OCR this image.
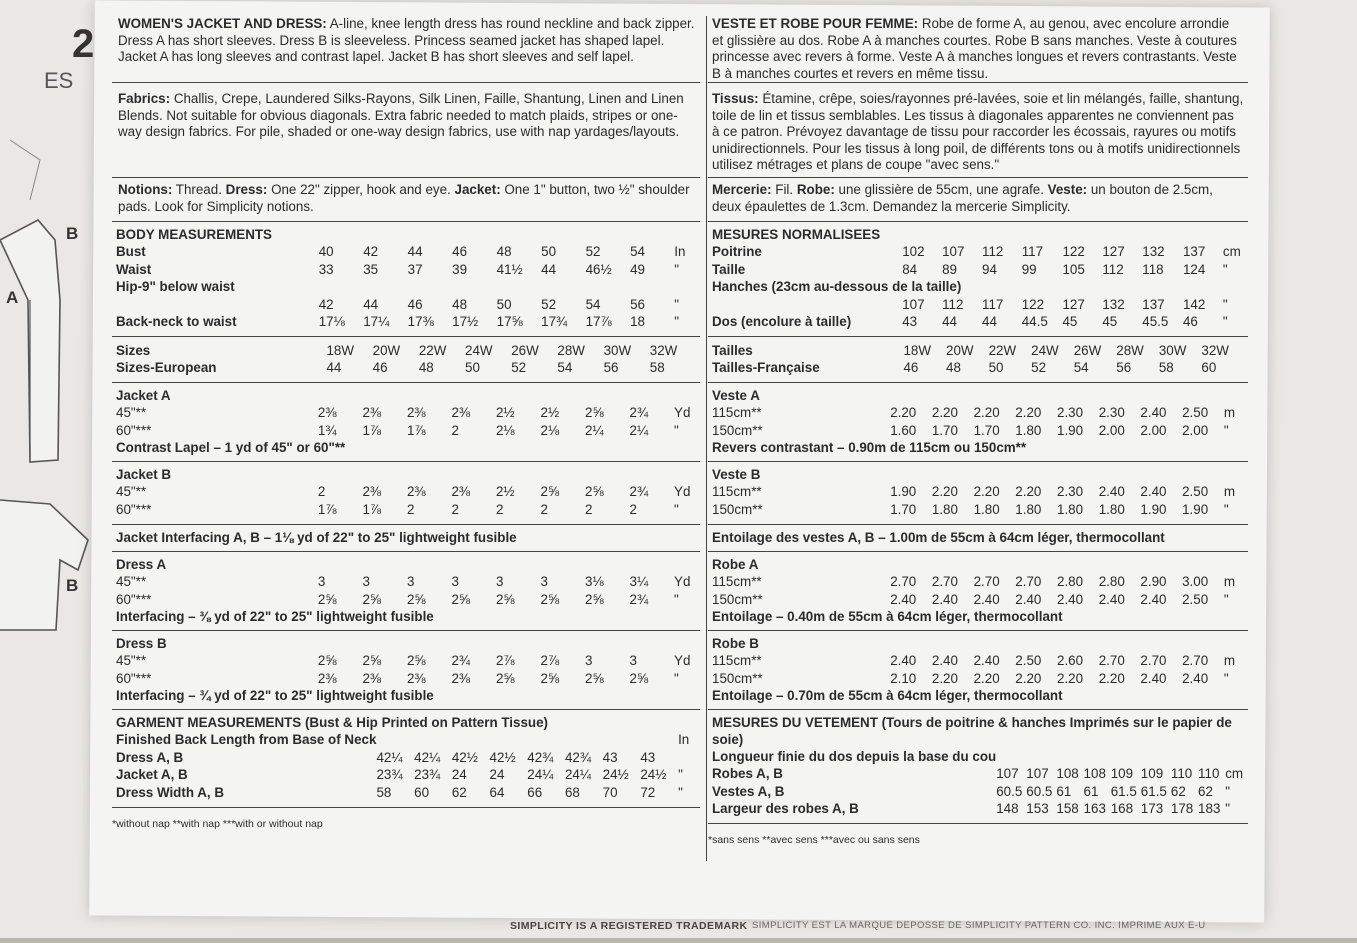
B
A
B
2
ES
WOMEN'S JACKET AND DRESS: A-line, knee length dress has round neckline and back zipper. Dress A has short sleeves. Dress B is sleeveless. Princess seamed jacket has shaped lapel. Jacket A has long sleeves and contrast lapel. Jacket B has short sleeves and self lapel.
Fabrics: Challis, Crepe, Laundered Silks-Rayons, Silk Linen, Faille, Shantung, Linen and Linen Blends. Not suitable for obvious diagonals. Extra fabric needed to match plaids, stripes or one-way design fabrics. For pile, shaded or one-way design fabrics, use with nap yardages/layouts.
Notions: Thread. Dress: One 22" zipper, hook and eye. Jacket: One 1" button, two ½" shoulder pads. Look for Simplicity notions.
BODY MEASUREMENTS
Bust	40	42	44	46	48	50	52	54	In
Waist	33	35	37	39	41½	44	46½	49	"
Hip-9" below waist									
	42	44	46	48	50	52	54	56	"
Back-neck to waist	17⅛	17¼	17⅜	17½	17⅝	17¾	17⅞	18	"
Sizes	18W	20W	22W	24W	26W	28W	30W	32W
Sizes-European	44	46	48	50	52	54	56	58
Jacket A
45"**	2⅜	2⅜	2⅜	2⅜	2½	2½	2⅝	2¾	Yd
60"***	1¾	1⅞	1⅞	2	2⅛	2⅛	2¼	2¼	"
Contrast Lapel – 1 yd of 45" or 60"**
Jacket B
45"**	2	2⅜	2⅜	2⅜	2½	2⅝	2⅝	2¾	Yd
60"***	1⅞	1⅞	2	2	2	2	2	2	"
Jacket Interfacing A, B – 1⅛ yd of 22" to 25" lightweight fusible
Dress A
45"**	3	3	3	3	3	3	3⅛	3¼	Yd
60"***	2⅝	2⅝	2⅝	2⅝	2⅝	2⅝	2⅝	2¾	"
Interfacing – ⅜ yd of 22" to 25" lightweight fusible
Dress B
45"**	2⅝	2⅝	2⅝	2¾	2⅞	2⅞	3	3	Yd
60"***	2⅜	2⅜	2⅜	2⅜	2⅝	2⅝	2⅝	2⅝	"
Interfacing – ¾ yd of 22" to 25" lightweight fusible
GARMENT MEASUREMENTS (Bust & Hip Printed on Pattern Tissue)
Finished Back Length from Base of Neck									In
Dress A, B	42¼	42¼	42½	42½	42¾	42¾	43	43	
Jacket A, B	23¾	23¾	24	24	24¼	24¼	24½	24½	"
Dress Width A, B	58	60	62	64	66	68	70	72	"
*without nap **with nap ***with or without nap
VESTE ET ROBE POUR FEMME: Robe de forme A, au genou, avec encolure arrondie et glissière au dos. Robe A à manches courtes. Robe B sans manches. Veste à coutures princesse avec revers à forme. Veste A à manches longues et revers contrastants. Veste B à manches courtes et revers en même tissu.
Tissus: Étamine, crêpe, soies/rayonnes pré-lavées, soie et lin mélangés, faille, shantung, toile de lin et tissus semblables. Les tissus à diagonales apparentes ne conviennent pas à ce patron. Prévoyez davantage de tissu pour raccorder les écossais, rayures ou motifs unidirectionnels. Pour les tissus à long poil, de différents tons ou à motifs unidirectionnels utilisez métrages et plans de coupe "avec sens."
Mercerie: Fil. Robe: une glissière de 55cm, une agrafe. Veste: un bouton de 2.5cm, deux épaulettes de 1.3cm. Demandez la mercerie Simplicity.
MESURES NORMALISEES
Poitrine	102	107	112	117	122	127	132	137	cm
Taille	84	89	94	99	105	112	118	124	"
Hanches (23cm au-dessous de la taille)									
	107	112	117	122	127	132	137	142	"
Dos (encolure à taille)	43	44	44	44.5	45	45	45.5	46	"
Tailles	18W	20W	22W	24W	26W	28W	30W	32W
Tailles-Française	46	48	50	52	54	56	58	60
Veste A
115cm**	2.20	2.20	2.20	2.20	2.30	2.30	2.40	2.50	m
150cm**	1.60	1.70	1.70	1.80	1.90	2.00	2.00	2.00	"
Revers contrastant – 0.90m de 115cm ou 150cm**
Veste B
115cm**	1.90	2.20	2.20	2.20	2.30	2.40	2.40	2.50	m
150cm**	1.70	1.80	1.80	1.80	1.80	1.80	1.90	1.90	"
Entoilage des vestes A, B – 1.00m de 55cm à 64cm léger, thermocollant
Robe A
115cm**	2.70	2.70	2.70	2.70	2.80	2.80	2.90	3.00	m
150cm**	2.40	2.40	2.40	2.40	2.40	2.40	2.40	2.50	"
Entoilage – 0.40m de 55cm à 64cm léger, thermocollant
Robe B
115cm**	2.40	2.40	2.40	2.50	2.60	2.70	2.70	2.70	m
150cm**	2.10	2.20	2.20	2.20	2.20	2.20	2.40	2.40	"
Entoilage – 0.70m de 55cm à 64cm léger, thermocollant
MESURES DU VETEMENT (Tours de poitrine & hanches Imprimés sur le papier de soie)
Longueur finie du dos depuis la base du cou									
Robes A, B	107	107	108	108	109	109	110	110	cm
Vestes A, B	60.5	60.5	61	61	61.5	61.5	62	62	"
Largeur des robes A, B	148	153	158	163	168	173	178	183	"
*sans sens **avec sens ***avec ou sans sens
SIMPLICITY IS A REGISTERED TRADEMARK SIMPLICITY EST LA MARQUE DEPOSSE DE SIMPLICITY PATTERN CO. INC. IMPRIME AUX E-U
